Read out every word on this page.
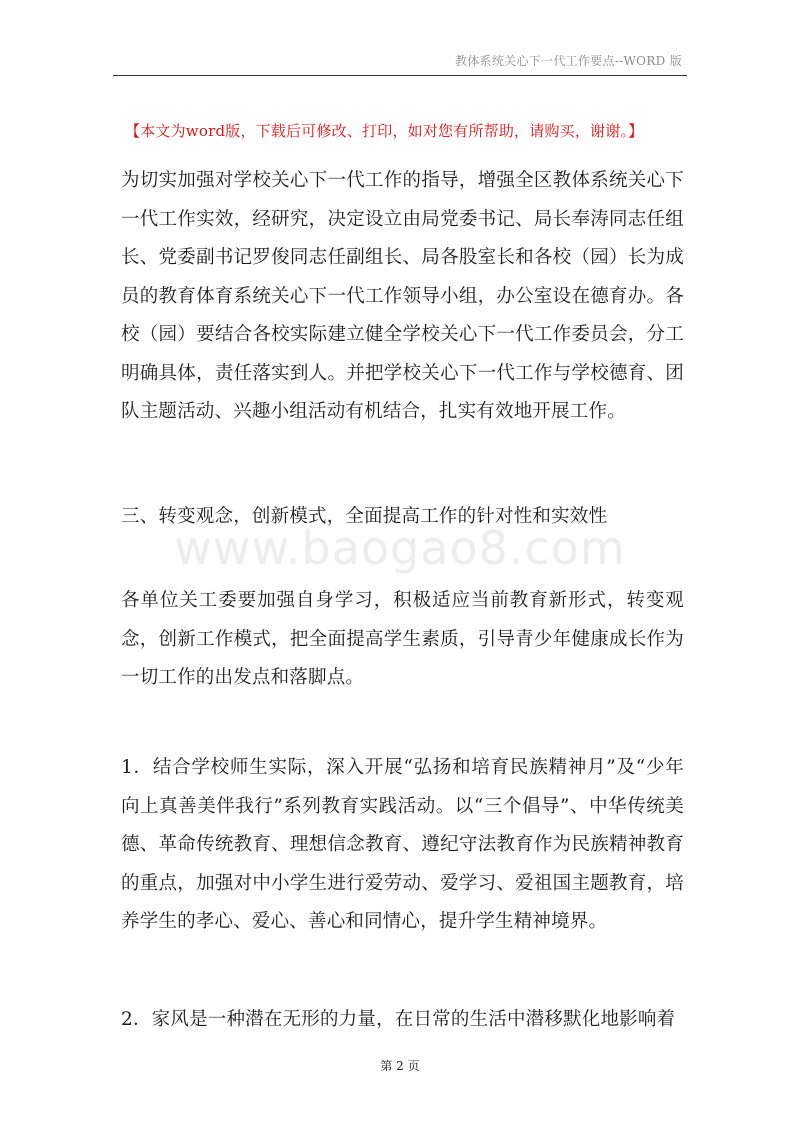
教体系统关心下一代工作要点--WORD 版
【本文为word版，下载后可修改、打印，如对您有所帮助，请购买，谢谢。】
www.baogao8.com

为切实加强对学校关心下一代工作的指导，增强全区教体系统关心下一代工作实效，经研究，决定设立由局党委书记、局长奉涛同志任组长、党委副书记罗俊同志任副组长、局各股室长和各校（园）长为成员的教育体育系统关心下一代工作领导小组，办公室设在德育办。各校（园）要结合各校实际建立健全学校关心下一代工作委员会，分工明确具体，责任落实到人。并把学校关心下一代工作与学校德育、团队主题活动、兴趣小组活动有机结合，扎实有效地开展工作。

三、转变观念，创新模式，全面提高工作的针对性和实效性

各单位关工委要加强自身学习，积极适应当前教育新形式，转变观念，创新工作模式，把全面提高学生素质，引导青少年健康成长作为一切工作的出发点和落脚点。

1．结合学校师生实际，深入开展“弘扬和培育民族精神月”及“少年向上真善美伴我行”系列教育实践活动。以“三个倡导”、中华传统美德、革命传统教育、理想信念教育、遵纪守法教育作为民族精神教育的重点，加强对中小学生进行爱劳动、爱学习、爱祖国主题教育，培养学生的孝心、爱心、善心和同情心，提升学生精神境界。

2．家风是一种潜在无形的力量，在日常的生活中潜移默化地影响着

第 2 页
